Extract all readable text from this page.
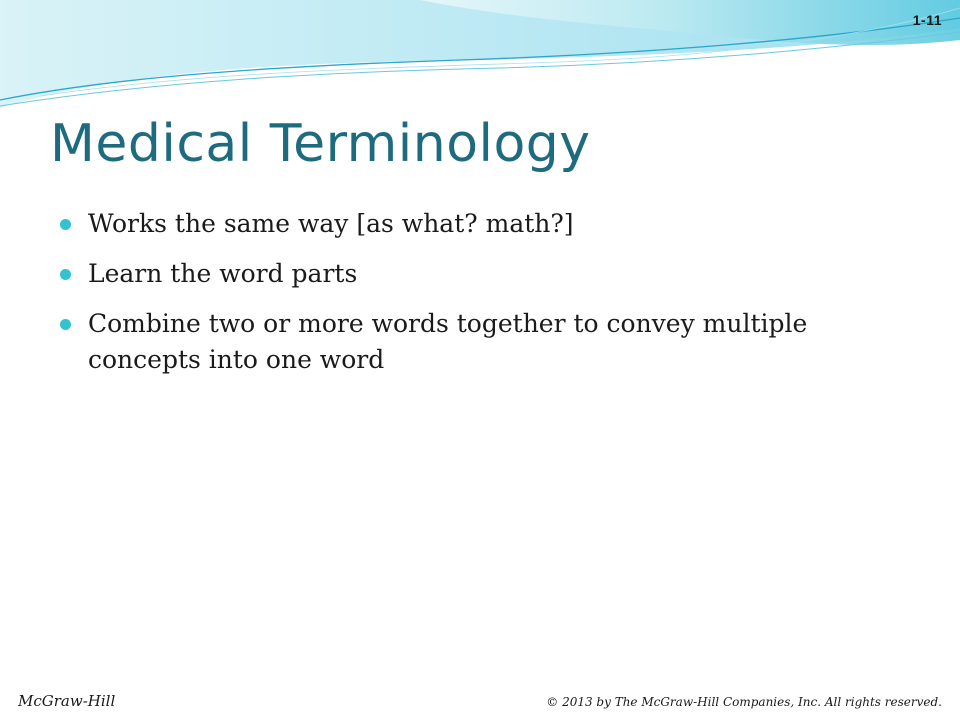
1-11
Medical Terminology
Works the same way [as what? math?]
Learn the word parts
Combine two or more words together to convey multiple concepts into one word
McGraw-Hill	© 2013 by The McGraw-Hill Companies, Inc. All rights reserved.
